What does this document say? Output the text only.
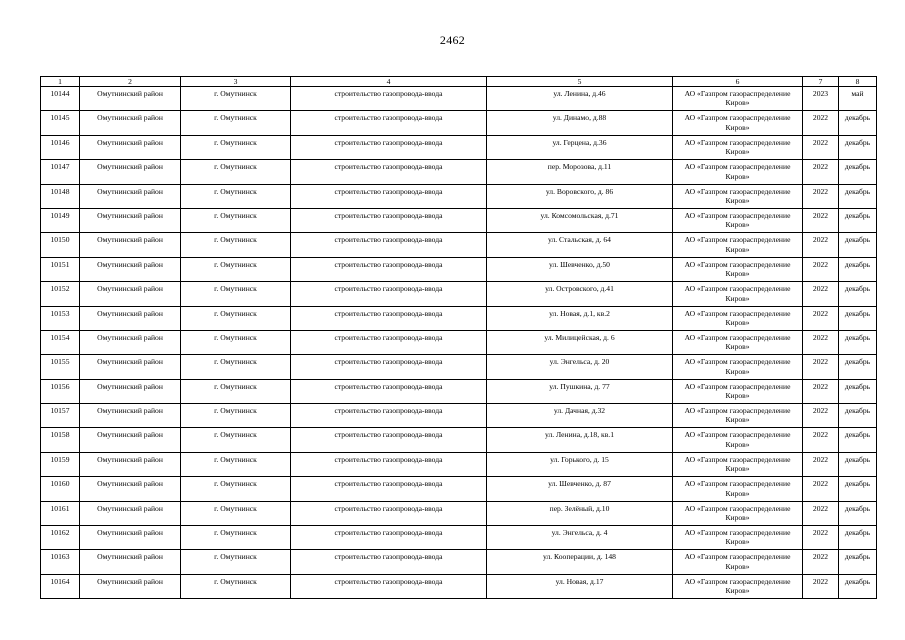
2462
1	2	3	4	5	6	7	8
10144	Омутнинский район	г. Омутнинск	строительство газопровода-ввода	ул. Ленина, д.46	АО «Газпром газораспределение Киров»	2023	май
10145	Омутнинский район	г. Омутнинск	строительство газопровода-ввода	ул. Динамо, д.88	АО «Газпром газораспределение Киров»	2022	декабрь
10146	Омутнинский район	г. Омутнинск	строительство газопровода-ввода	ул. Герцена, д.36	АО «Газпром газораспределение Киров»	2022	декабрь
10147	Омутнинский район	г. Омутнинск	строительство газопровода-ввода	пер. Морозова, д.11	АО «Газпром газораспределение Киров»	2022	декабрь
10148	Омутнинский район	г. Омутнинск	строительство газопровода-ввода	ул. Воровского, д. 86	АО «Газпром газораспределение Киров»	2022	декабрь
10149	Омутнинский район	г. Омутнинск	строительство газопровода-ввода	ул. Комсомольская, д.71	АО «Газпром газораспределение Киров»	2022	декабрь
10150	Омутнинский район	г. Омутнинск	строительство газопровода-ввода	ул. Стальская, д. 64	АО «Газпром газораспределение Киров»	2022	декабрь
10151	Омутнинский район	г. Омутнинск	строительство газопровода-ввода	ул. Шевченко, д.50	АО «Газпром газораспределение Киров»	2022	декабрь
10152	Омутнинский район	г. Омутнинск	строительство газопровода-ввода	ул. Островского, д.41	АО «Газпром газораспределение Киров»	2022	декабрь
10153	Омутнинский район	г. Омутнинск	строительство газопровода-ввода	ул. Новая, д.1, кв.2	АО «Газпром газораспределение Киров»	2022	декабрь
10154	Омутнинский район	г. Омутнинск	строительство газопровода-ввода	ул. Милицейская, д. 6	АО «Газпром газораспределение Киров»	2022	декабрь
10155	Омутнинский район	г. Омутнинск	строительство газопровода-ввода	ул. Энгельса, д. 20	АО «Газпром газораспределение Киров»	2022	декабрь
10156	Омутнинский район	г. Омутнинск	строительство газопровода-ввода	ул. Пушкина, д. 77	АО «Газпром газораспределение Киров»	2022	декабрь
10157	Омутнинский район	г. Омутнинск	строительство газопровода-ввода	ул. Дачная, д.32	АО «Газпром газораспределение Киров»	2022	декабрь
10158	Омутнинский район	г. Омутнинск	строительство газопровода-ввода	ул. Ленина, д.18, кв.1	АО «Газпром газораспределение Киров»	2022	декабрь
10159	Омутнинский район	г. Омутнинск	строительство газопровода-ввода	ул. Горького, д. 15	АО «Газпром газораспределение Киров»	2022	декабрь
10160	Омутнинский район	г. Омутнинск	строительство газопровода-ввода	ул. Шевченко, д. 87	АО «Газпром газораспределение Киров»	2022	декабрь
10161	Омутнинский район	г. Омутнинск	строительство газопровода-ввода	пер. Зелёный, д.10	АО «Газпром газораспределение Киров»	2022	декабрь
10162	Омутнинский район	г. Омутнинск	строительство газопровода-ввода	ул. Энгельса, д. 4	АО «Газпром газораспределение Киров»	2022	декабрь
10163	Омутнинский район	г. Омутнинск	строительство газопровода-ввода	ул. Кооперации, д. 148	АО «Газпром газораспределение Киров»	2022	декабрь
10164	Омутнинский район	г. Омутнинск	строительство газопровода-ввода	ул. Новая, д.17	АО «Газпром газораспределение Киров»	2022	декабрь
